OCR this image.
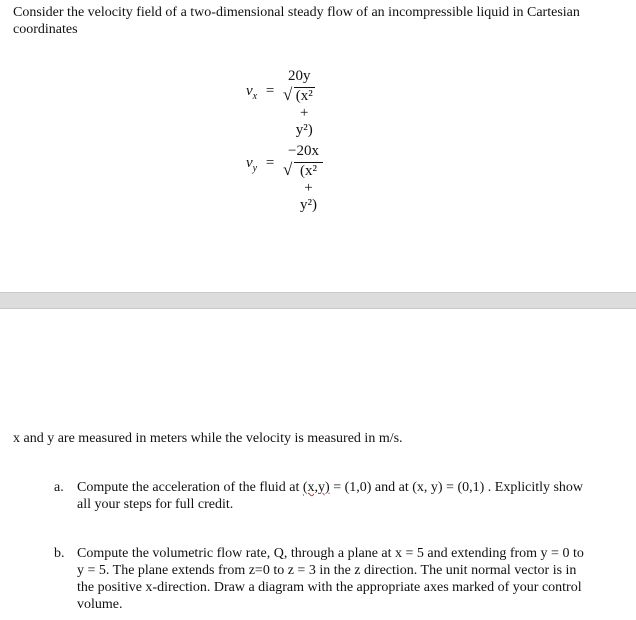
Consider the velocity field of a two-dimensional steady flow of an incompressible liquid in Cartesian coordinates
$v_x$ =
20y
√ (x² + y²)
$v_y$ =
−20x
√ (x² + y²)
x and y are measured in meters while the velocity is measured in m/s.
a. Compute the acceleration of the fluid at (x,y) = (1,0) and at (x, y) = (0,1) . Explicitly show all your steps for full credit.
b. Compute the volumetric flow rate, Q, through a plane at x = 5 and extending from y = 0 to y = 5. The plane extends from z=0 to z = 3 in the z direction. The unit normal vector is in the positive x-direction. Draw a diagram with the appropriate axes marked of your control volume.
